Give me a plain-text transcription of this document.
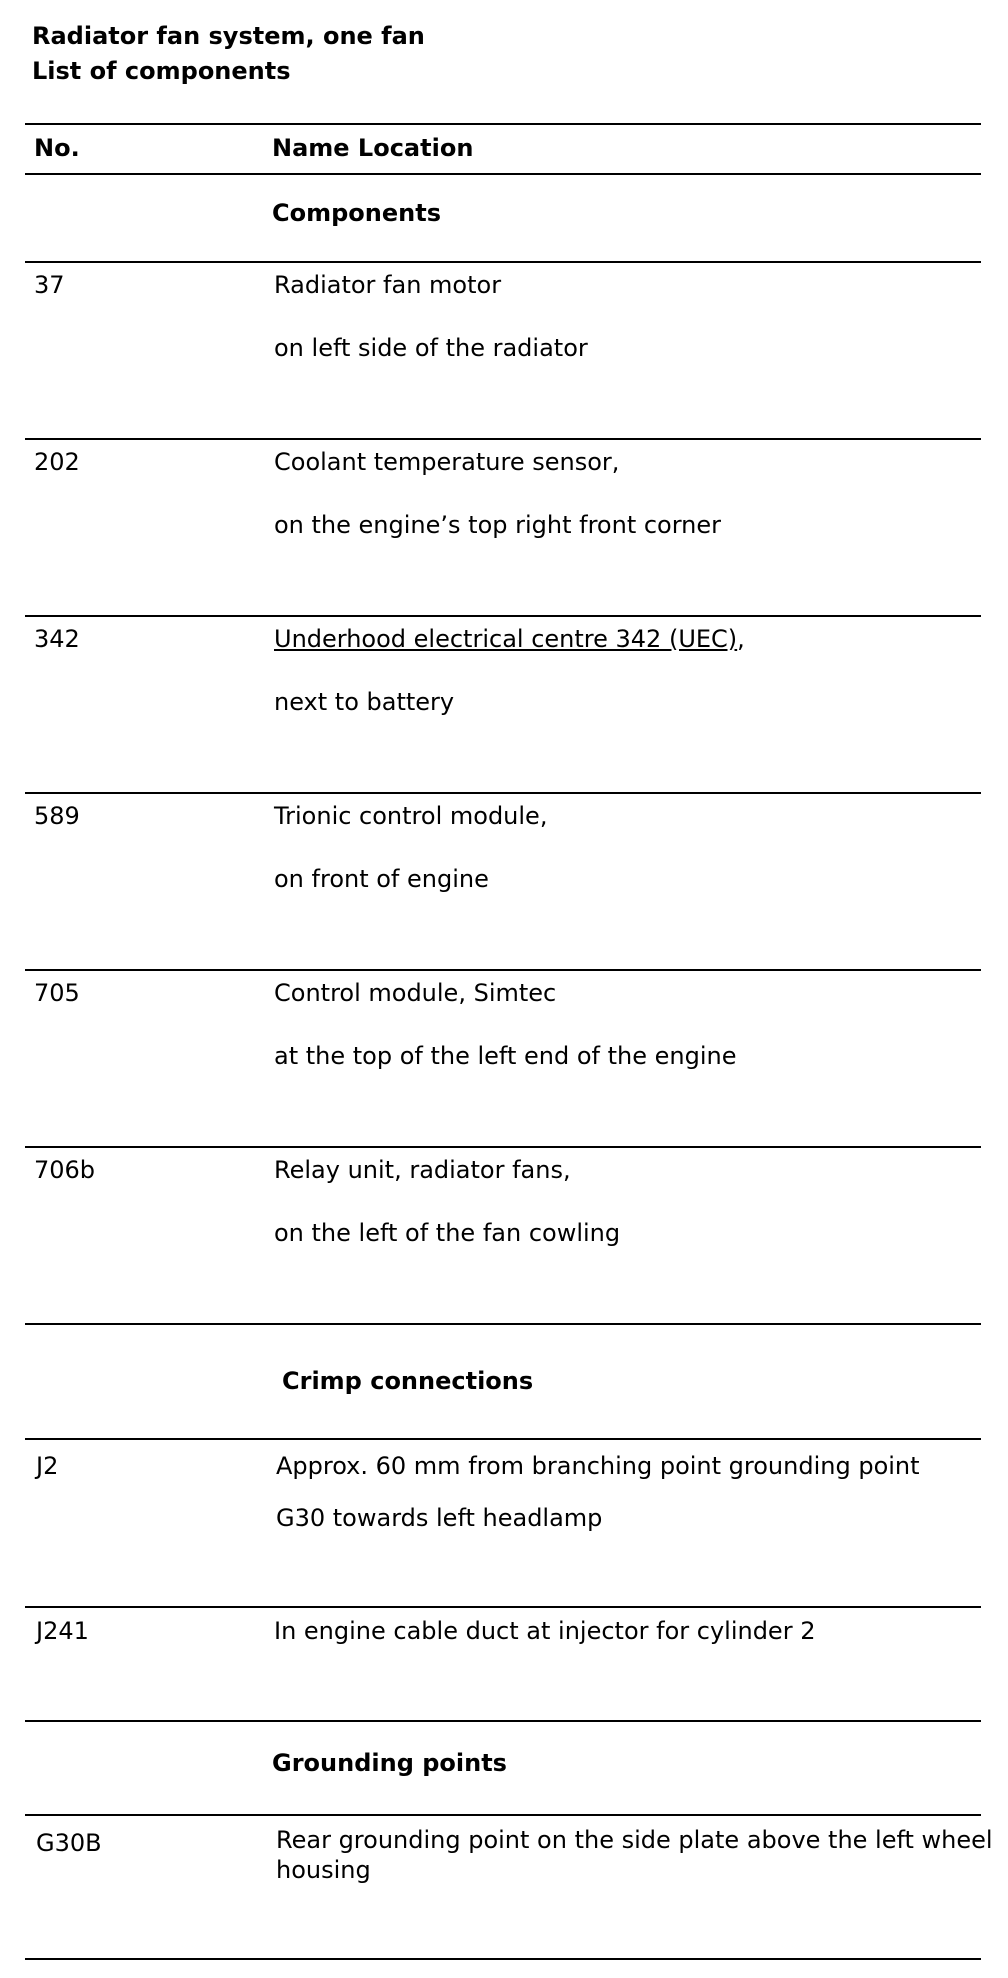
Radiator fan system, one fan
List of components
No.	Name Location
Components
37	Radiator fan motor
on left side of the radiator
202	Coolant temperature sensor,
on the engine’s top right front corner
342	Underhood electrical centre 342 (UEC),
next to battery
589	Trionic control module,
on front of engine
705	Control module, Simtec
at the top of the left end of the engine
706b	Relay unit, radiator fans,
on the left of the fan cowling
Crimp connections
J2	Approx. 60 mm from branching point grounding point
G30 towards left headlamp
J241	In engine cable duct at injector for cylinder 2
Grounding points
G30B	Rear grounding point on the side plate above the left wheel housing
